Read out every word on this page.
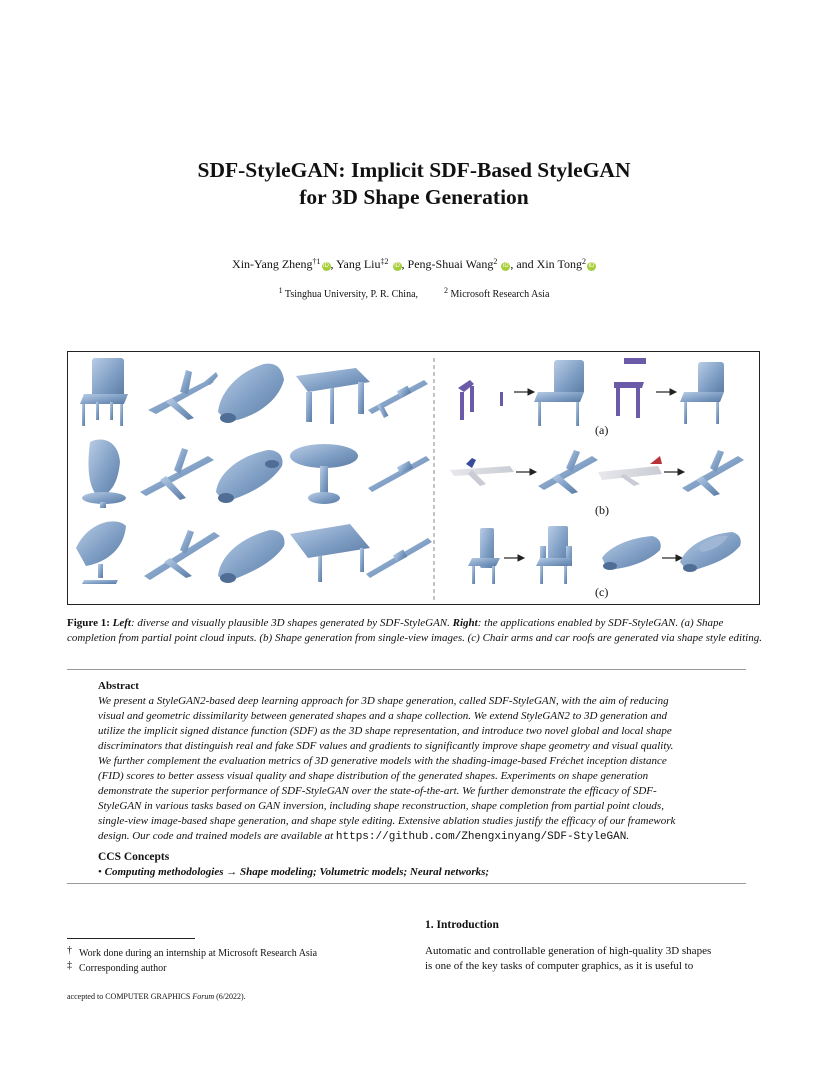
SDF-StyleGAN: Implicit SDF-Based StyleGAN
for 3D Shape Generation
Xin-Yang Zheng$^{\dagger 1}$ iD , Yang Liu$^{\ddagger 2}$ iD , Peng-Shuai Wang$^2$ iD , and Xin Tong$^2$ iD
$^1$ Tsinghua University, P. R. China,	$^2$ Microsoft Research Asia
(a)
(b)
(c)
Figure 1: Left: diverse and visually plausible 3D shapes generated by SDF-StyleGAN. Right: the applications enabled by SDF-StyleGAN. (a) Shape completion from partial point cloud inputs. (b) Shape generation from single-view images. (c) Chair arms and car roofs are generated via shape style editing.
Abstract
We present a StyleGAN2-based deep learning approach for 3D shape generation, called SDF-StyleGAN, with the aim of reducing
visual and geometric dissimilarity between generated shapes and a shape collection. We extend StyleGAN2 to 3D generation and
utilize the implicit signed distance function (SDF) as the 3D shape representation, and introduce two novel global and local shape
discriminators that distinguish real and fake SDF values and gradients to significantly improve shape geometry and visual quality.
We further complement the evaluation metrics of 3D generative models with the shading-image-based Fréchet inception distance
(FID) scores to better assess visual quality and shape distribution of the generated shapes. Experiments on shape generation
demonstrate the superior performance of SDF-StyleGAN over the state-of-the-art. We further demonstrate the efficacy of SDF-
StyleGAN in various tasks based on GAN inversion, including shape reconstruction, shape completion from partial point clouds,
single-view image-based shape generation, and shape style editing. Extensive ablation studies justify the efficacy of our framework
design. Our code and trained models are available at https://github.com/Zhengxinyang/SDF-StyleGAN.
CCS Concepts
• Computing methodologies → Shape modeling; Volumetric models; Neural networks;
1. Introduction
Automatic and controllable generation of high-quality 3D shapes
is one of the key tasks of computer graphics, as it is useful to
† Work done during an internship at Microsoft Research Asia
‡ Corresponding author
accepted to COMPUTER GRAPHICS Forum (6/2022).
